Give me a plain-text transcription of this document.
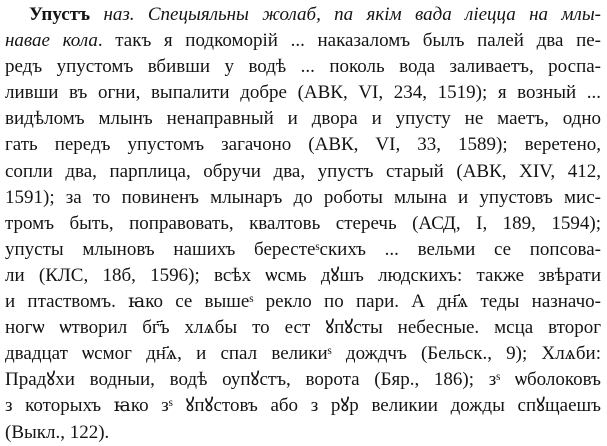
Упустъ наз. Спецыяльны жолаб, па якім вада ліецца на млы-
навае кола. такъ я подкоморій ... наказаломъ былъ палей два пе-
редъ упустомъ вбивши у водѣ ... поколь вода заливаетъ, роспа-
ливши въ огни, выпалити добре (АВК, VI, 234, 1519); я возный ...
видѣломъ млынъ ненаправный и двора и упусту не маетъ, одно
гать передъ упустомъ загачоно (АВК, VI, 33, 1589); веретено,
сопли два, парплица, обручи два, упустъ старый (АВК, XIV, 412,
1591); за то повиненъ млынаръ до роботы млына и упустовъ мис-
тромъ быть, поправовать, квалтовь стеречь (АСД, I, 189, 1594);
упусты млыновъ нашихъ берестеˢскихъ ... вельми се попсова-
ли (КЛС, 18б, 1596); всѣх ѡсмь дꙋшъ людскихъ: также звѣрати
и птаствомъ. ꙗко се вышеˢ рекло по пари. А дн҃ѧ теды назначо-
ногѡ ѡтворил бг҃ъ хлѧбы то ест ꙋпꙋсты небесные. мсца второг
двадцат ѡсмог дн҃ѧ, и спал великиˢ дождчъ (Бельск., 9); Хлѧби:
Прадꙋхи водныи, водѣ оупꙋстъ, ворота (Бяр., 186); зˢ ѡболоковъ
з которыхъ ꙗко зˢ ꙋпꙋстовъ або з рꙋр великии дожды спꙋщаешъ
(Выкл., 122).
